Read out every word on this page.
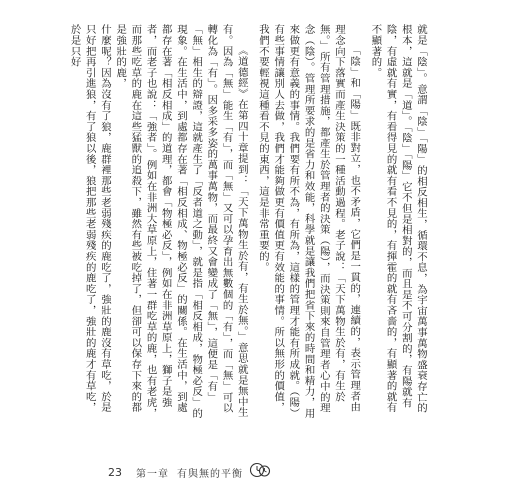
就是「陰」。意謂「陰」「陽」的相反相生，循環不息，為宇宙萬事萬物盛衰存亡的根本，這就是「道」。「陰」「陽」它不但是相對的，而且是不可分割的，有陽就有陰，有虛就有實，有看得見的就有看不見的，有揮霍的就有吝嗇的，有顯著的就有不顯著的。

「陰」和「陽」既非對立，也不矛盾，它們是一貫的，連續的，表示管理者由理念向下落實而產生決策的一種活動過程。老子說：「天下萬物生於有，有生於無。」所有管理措施，都產生於管理者的決策（陽），而決策則來自管理者心中的理念（陰）。管理所要求的是省力和效能，科學就是讓我們把省下來的時間和精力，用來做更有意義的事情。我們要有所不為，有所為，這樣的管理才能有所成就。（陽）有些事情讓別人去做，我們才能夠做更有價值更有效能的事情。所以無形的價值，我們不要輕視這種看不見的東西，這是非常重要的。

《道德經》在第四十章提到：「天下萬物生於有，有生於無。」意思就是無中生有。因為「無」能生「有」，而「無」又可以孕育出無數個的「有」，而「無」可以轉化為「有」。因多采多姿的萬事萬物，而最終又會變成了「無」，這便是「有」「無」相生的辯證，這就產生了「反者道之動」，就是指「相反相成，物極必反」的現象。在生活中，到處都存在著「相反相成、物極必反」的關係。在生活中，到處都存在著「相反相成」的道理，都會「物極必反」，例如在非洲草原上，獅子是強者，而老子也說：「強者」。例如在非洲大草原上，住著一群吃草的鹿，也有老虎，而那些吃草的鹿在這些猛獸的追殺下，雖然有些被吃掉了，但卻可以保存下來的都是強壯的鹿，

什麼呢？因為沒有了狼，鹿群裡那些老弱殘疾的鹿吃了，強壯的鹿沒有草吃，於是只好把再引進狼，有了狼以後，狼把那些老弱殘疾的鹿吃了，強壯的鹿才有草吃，於是只好

23 第一章 有與無的平衡
